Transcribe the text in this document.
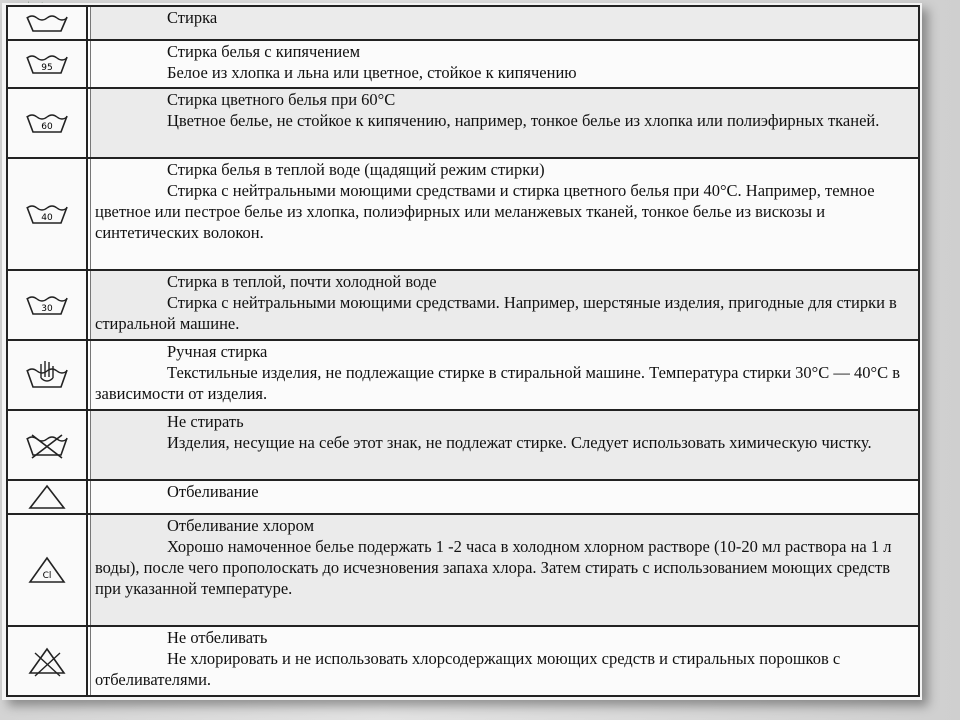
Стирка
95
Стирка белья с кипячением
Белое из хлопка и льна или цветное, стойкое к кипячению
60
Стирка цветного белья при 60°С
Цветное белье, не стойкое к кипячению, например, тонкое белье из хлопка или полиэфирных тканей.
40
Стирка белья в теплой воде (щадящий режим стирки)
Стирка с нейтральными моющими средствами и стирка цветного белья при 40°С. Например, темное цветное или пестрое белье из хлопка, полиэфирных или меланжевых тканей, тонкое белье из вискозы и синтетических волокон.
30
Стирка в теплой, почти холодной воде
Стирка с нейтральными моющими средствами. Например, шерстяные изделия, пригодные для стирки в стиральной машине.
Ручная стирка
Текстильные изделия, не подлежащие стирке в стиральной машине. Температура стирки 30°С — 40°С в зависимости от изделия.
Не стирать
Изделия, несущие на себе этот знак, не подлежат стирке. Следует использовать химическую чистку.
Отбеливание
Cl
Отбеливание хлором
Хорошо намоченное белье подержать 1 -2 часа в холодном хлорном растворе (10-20 мл раствора на 1 л воды), после чего прополоскать до исчезновения запаха хлора. Затем стирать с использованием моющих средств при указанной температуре.
Не отбеливать
Не хлорировать и не использовать хлорсодержащих моющих средств и стиральных порошков с отбеливателями.
